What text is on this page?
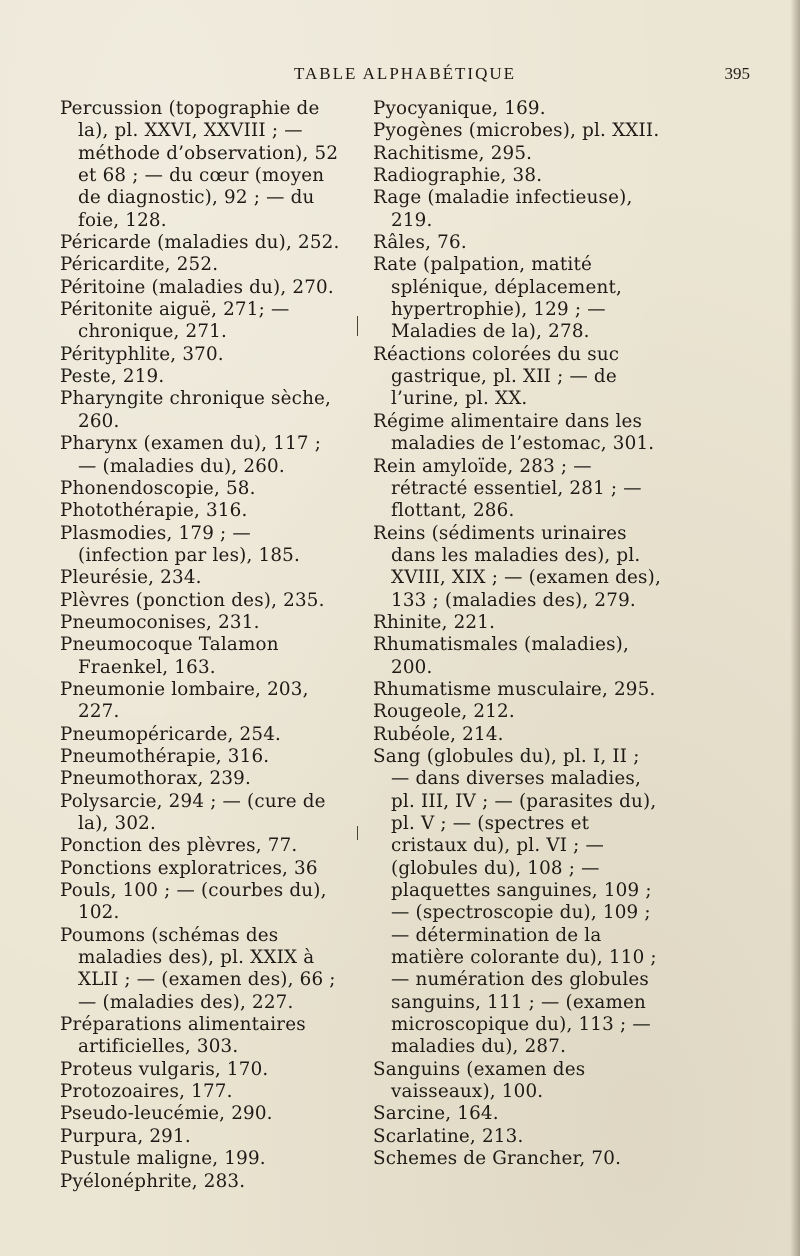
TABLE ALPHABÉTIQUE	395

Percussion (topographie de la), pl. XXVI, XXVIII ; — méthode d’observation), 52 et 68 ; — du cœur (moyen de diagnostic), 92 ; — du foie, 128.

Péricarde (maladies du), 252.

Péricardite, 252.

Péritoine (maladies du), 270.

Péritonite aiguë, 271; — chronique, 271.

Pérityphlite, 370.

Peste, 219.

Pharyngite chronique sèche, 260.

Pharynx (examen du), 117 ; — (maladies du), 260.

Phonendoscopie, 58.

Photothérapie, 316.

Plasmodies, 179 ; — (infection par les), 185.

Pleurésie, 234.

Plèvres (ponction des), 235.

Pneumoconises, 231.

Pneumocoque Talamon Fraenkel, 163.

Pneumonie lombaire, 203, 227.

Pneumopéricarde, 254.

Pneumothérapie, 316.

Pneumothorax, 239.

Polysarcie, 294 ; — (cure de la), 302.

Ponction des plèvres, 77.

Ponctions exploratrices, 36

Pouls, 100 ; — (courbes du), 102.

Poumons (schémas des maladies des), pl. XXIX à XLII ; — (examen des), 66 ; — (maladies des), 227.

Préparations alimentaires artificielles, 303.

Proteus vulgaris, 170.

Protozoaires, 177.

Pseudo-leucémie, 290.

Purpura, 291.

Pustule maligne, 199.

Pyélonéphrite, 283.

Pyocyanique, 169.

Pyogènes (microbes), pl. XXII.

Rachitisme, 295.

Radiographie, 38.

Rage (maladie infectieuse), 219.

Râles, 76.

Rate (palpation, matité splénique, déplacement, hypertrophie), 129 ; — Maladies de la), 278.

Réactions colorées du suc gastrique, pl. XII ; — de l’urine, pl. XX.

Régime alimentaire dans les maladies de l’estomac, 301.

Rein amyloïde, 283 ; — rétracté essentiel, 281 ; — flottant, 286.

Reins (sédiments urinaires dans les maladies des), pl. XVIII, XIX ; — (examen des), 133 ; (maladies des), 279.

Rhinite, 221.

Rhumatismales (maladies), 200.

Rhumatisme musculaire, 295.

Rougeole, 212.

Rubéole, 214.

Sang (globules du), pl. I, II ; — dans diverses maladies, pl. III, IV ; — (parasites du), pl. V ; — (spectres et cristaux du), pl. VI ; — (globules du), 108 ; — plaquettes sanguines, 109 ; — (spectroscopie du), 109 ; — détermination de la matière colorante du), 110 ; — numération des globules sanguins, 111 ; — (examen microscopique du), 113 ; — maladies du), 287.

Sanguins (examen des vaisseaux), 100.

Sarcine, 164.

Scarlatine, 213.

Schemes de Grancher, 70.
